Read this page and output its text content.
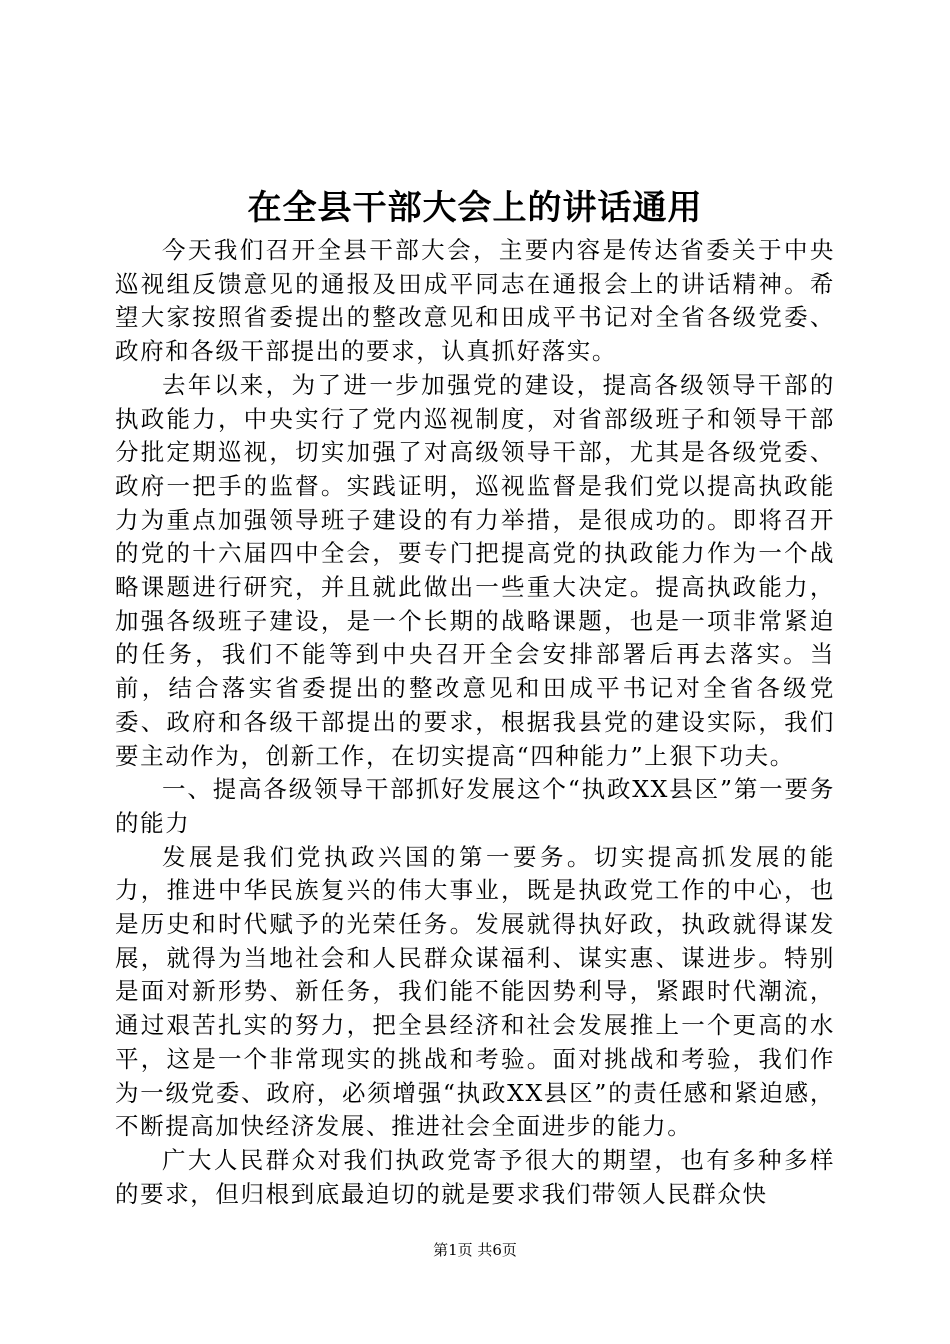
在全县干部大会上的讲话通用

今天我们召开全县干部大会，主要内容是传达省委关于中央巡视组反馈意见的通报及田成平同志在通报会上的讲话精神。希望大家按照省委提出的整改意见和田成平书记对全省各级党委、政府和各级干部提出的要求，认真抓好落实。

去年以来，为了进一步加强党的建设，提高各级领导干部的执政能力，中央实行了党内巡视制度，对省部级班子和领导干部分批定期巡视，切实加强了对高级领导干部，尤其是各级党委、政府一把手的监督。实践证明，巡视监督是我们党以提高执政能力为重点加强领导班子建设的有力举措，是很成功的。即将召开的党的十六届四中全会，要专门把提高党的执政能力作为一个战略课题进行研究，并且就此做出一些重大决定。提高执政能力，加强各级班子建设，是一个长期的战略课题，也是一项非常紧迫的任务，我们不能等到中央召开全会安排部署后再去落实。当前，结合落实省委提出的整改意见和田成平书记对全省各级党委、政府和各级干部提出的要求，根据我县党的建设实际，我们要主动作为，创新工作，在切实提高“四种能力”上狠下功夫。

一、提高各级领导干部抓好发展这个“执政XX县区”第一要务的能力

发展是我们党执政兴国的第一要务。切实提高抓发展的能力，推进中华民族复兴的伟大事业，既是执政党工作的中心，也是历史和时代赋予的光荣任务。发展就得执好政，执政就得谋发展，就得为当地社会和人民群众谋福利、谋实惠、谋进步。特别是面对新形势、新任务，我们能不能因势利导，紧跟时代潮流，通过艰苦扎实的努力，把全县经济和社会发展推上一个更高的水平，这是一个非常现实的挑战和考验。面对挑战和考验，我们作为一级党委、政府，必须增强“执政XX县区”的责任感和紧迫感，不断提高加快经济发展、推进社会全面进步的能力。

广大人民群众对我们执政党寄予很大的期望，也有多种多样的要求，但归根到底最迫切的就是要求我们带领人民群众快

第1页 共6页
